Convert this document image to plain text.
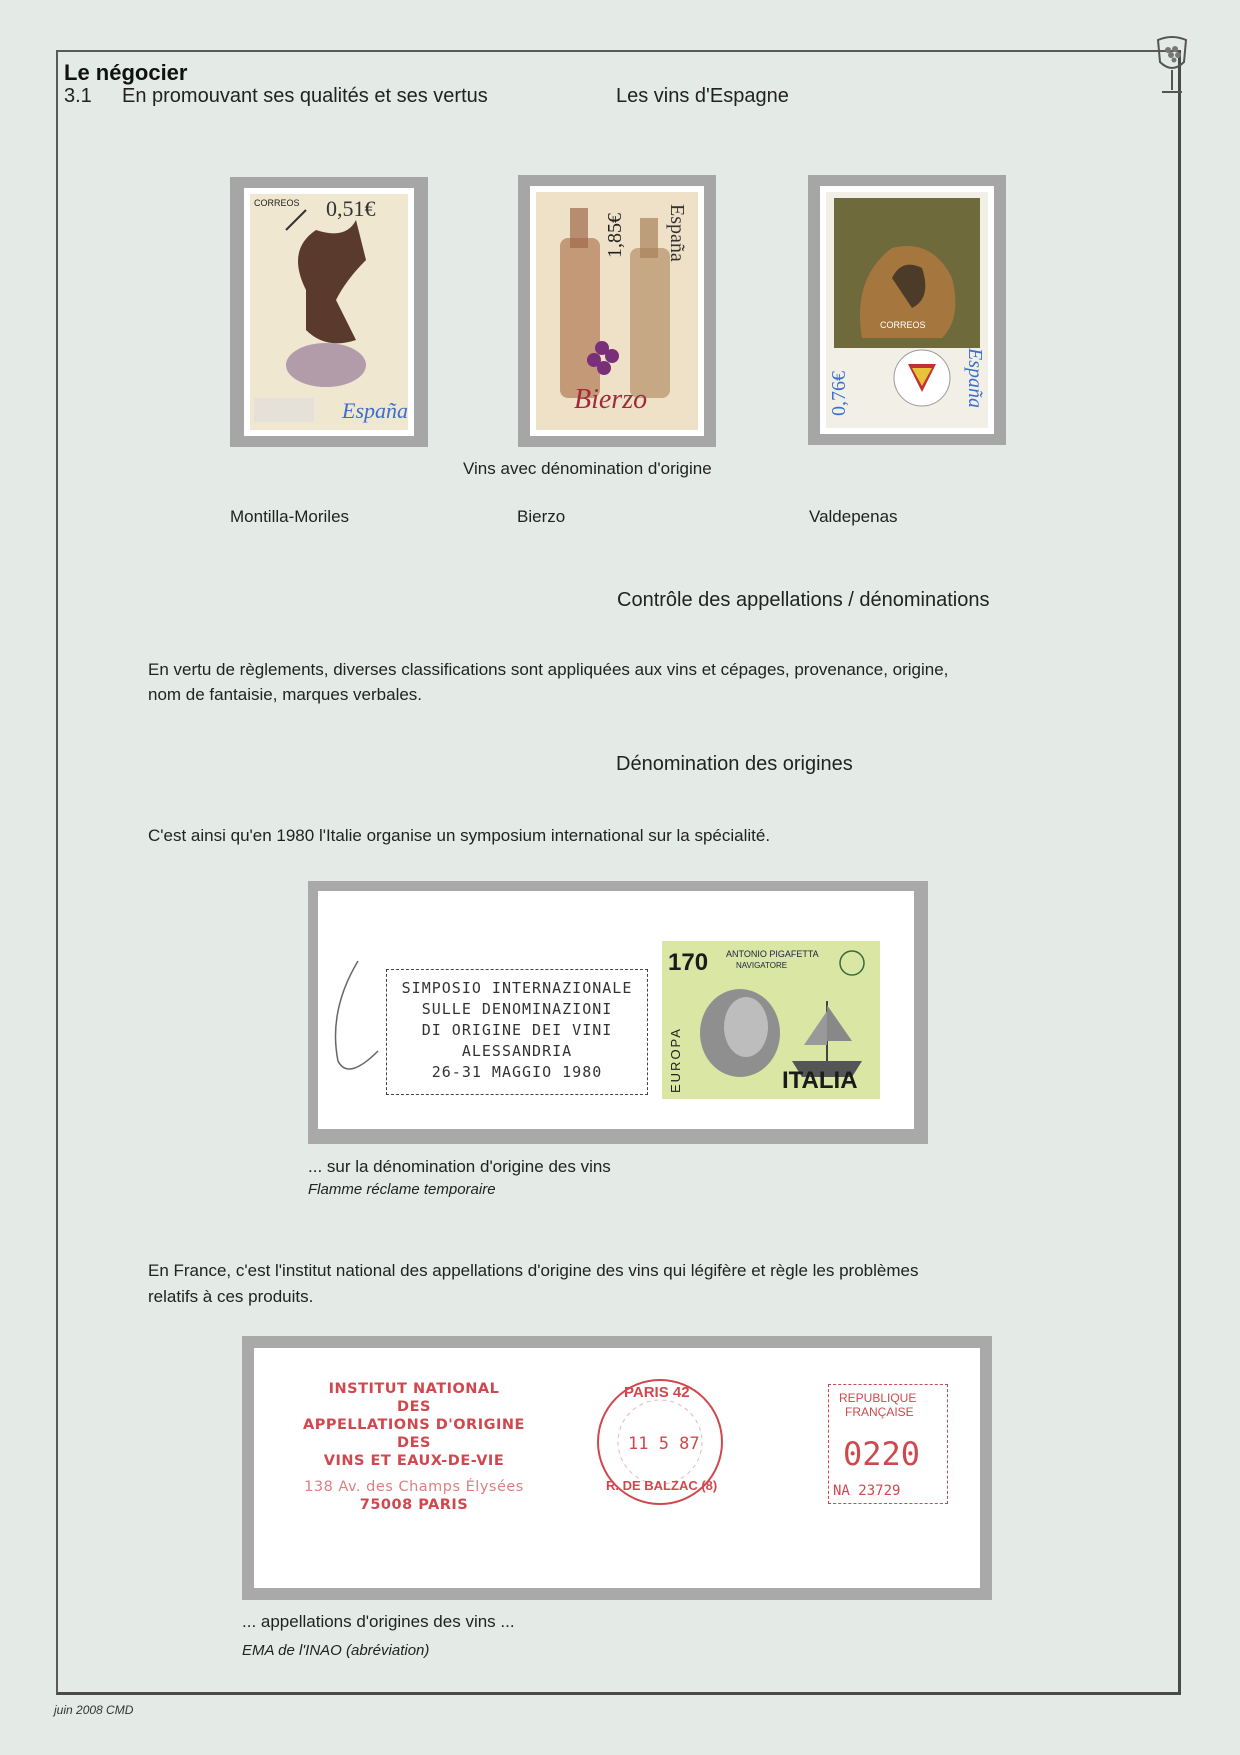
Le négocier
3.1 En promouvant ses qualités et ses vertus	Les vins d'Espagne
CORREOS 0,51€
España
1,85€ España
Bierzo
CORREOS
0,76€	España
Vins avec dénomination d'origine
Montilla-Moriles	Bierzo	Valdepenas
Contrôle des appellations / dénominations
En vertu de règlements, diverses classifications sont appliquées aux vins et cépages, provenance, origine,
nom de fantaisie, marques verbales.
Dénomination des origines
C'est ainsi qu'en 1980 l'Italie organise un symposium international sur la spécialité.
SIMPOSIO INTERNAZIONALE
SULLE DENOMINAZIONI
DI ORIGINE DEI VINI
ALESSANDRIA
26-31 MAGGIO 1980
170 ANTONIO PIGAFETTA
NAVIGATORE
EUROPA	ITALIA
... sur la dénomination d'origine des vins
Flamme réclame temporaire
En France, c'est l'institut national des appellations d'origine des vins qui légifère et règle les problèmes
relatifs à ces produits.
INSTITUT NATIONAL
DES
APPELLATIONS D'ORIGINE
DES
VINS ET EAUX-DE-VIE
138 Av. des Champs Élysées
75008 PARIS
PARIS 42
11 5 87
R. DE BALZAC (8)
REPUBLIQUE
FRANÇAISE
0220
NA 23729
... appellations d'origines des vins ...
EMA de l'INAO (abréviation)
juin 2008 CMD
